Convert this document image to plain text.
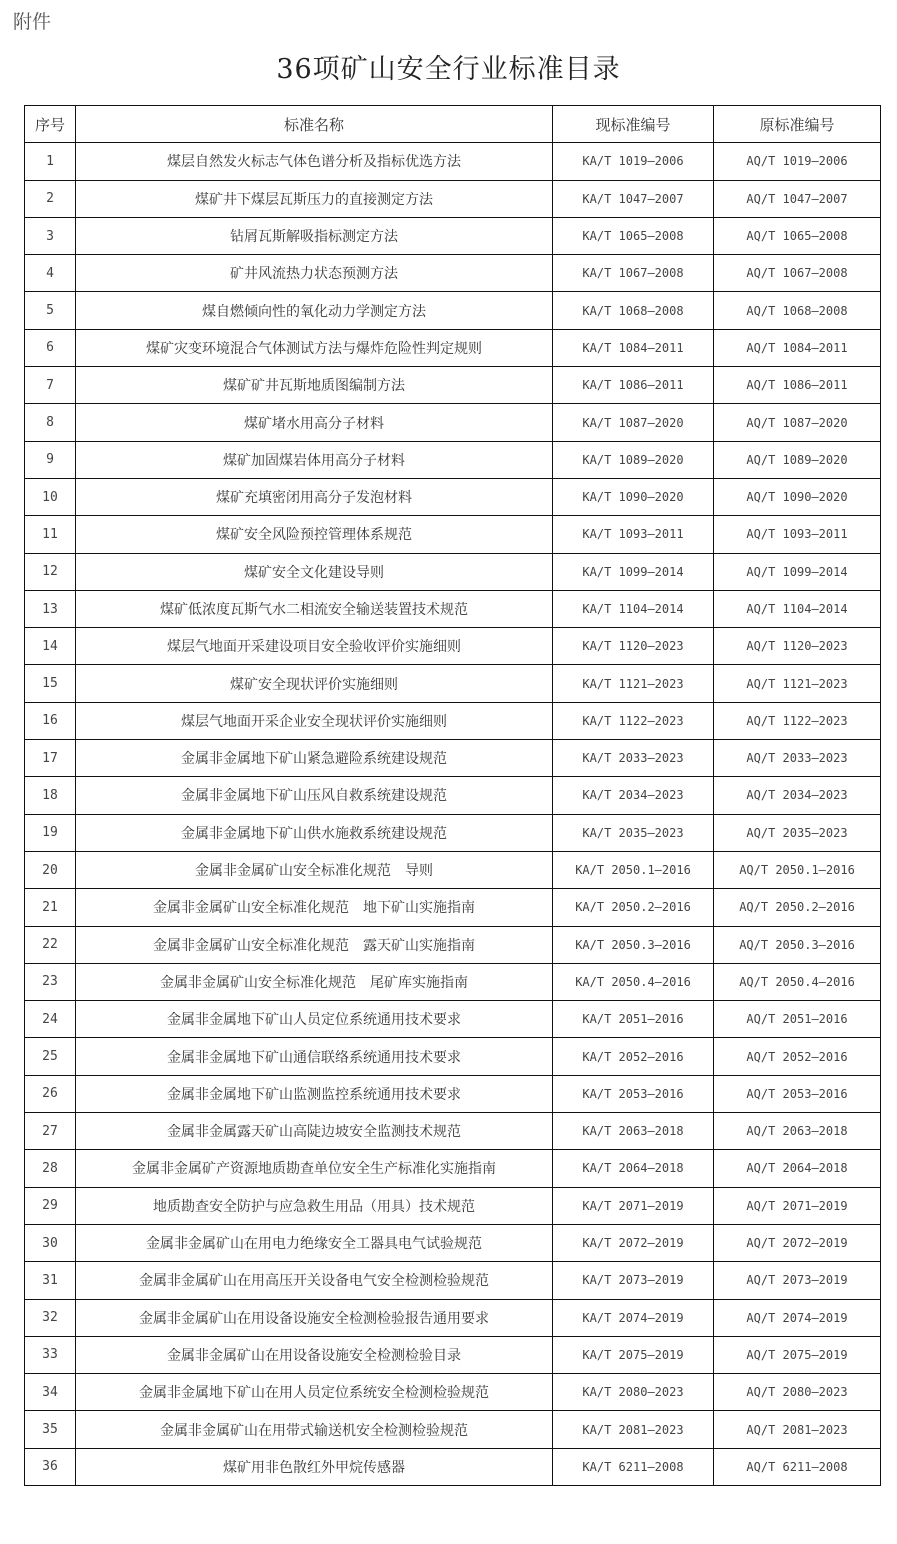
附件
36项矿山安全行业标准目录
序号	标准名称	现标准编号	原标准编号
1	煤层自然发火标志气体色谱分析及指标优选方法	KA/T 1019—2006	AQ/T 1019—2006
2	煤矿井下煤层瓦斯压力的直接测定方法	KA/T 1047—2007	AQ/T 1047—2007
3	钻屑瓦斯解吸指标测定方法	KA/T 1065—2008	AQ/T 1065—2008
4	矿井风流热力状态预测方法	KA/T 1067—2008	AQ/T 1067—2008
5	煤自燃倾向性的氧化动力学测定方法	KA/T 1068—2008	AQ/T 1068—2008
6	煤矿灾变环境混合气体测试方法与爆炸危险性判定规则	KA/T 1084—2011	AQ/T 1084—2011
7	煤矿矿井瓦斯地质图编制方法	KA/T 1086—2011	AQ/T 1086—2011
8	煤矿堵水用高分子材料	KA/T 1087—2020	AQ/T 1087—2020
9	煤矿加固煤岩体用高分子材料	KA/T 1089—2020	AQ/T 1089—2020
10	煤矿充填密闭用高分子发泡材料	KA/T 1090—2020	AQ/T 1090—2020
11	煤矿安全风险预控管理体系规范	KA/T 1093—2011	AQ/T 1093—2011
12	煤矿安全文化建设导则	KA/T 1099—2014	AQ/T 1099—2014
13	煤矿低浓度瓦斯气水二相流安全输送装置技术规范	KA/T 1104—2014	AQ/T 1104—2014
14	煤层气地面开采建设项目安全验收评价实施细则	KA/T 1120—2023	AQ/T 1120—2023
15	煤矿安全现状评价实施细则	KA/T 1121—2023	AQ/T 1121—2023
16	煤层气地面开采企业安全现状评价实施细则	KA/T 1122—2023	AQ/T 1122—2023
17	金属非金属地下矿山紧急避险系统建设规范	KA/T 2033—2023	AQ/T 2033—2023
18	金属非金属地下矿山压风自救系统建设规范	KA/T 2034—2023	AQ/T 2034—2023
19	金属非金属地下矿山供水施救系统建设规范	KA/T 2035—2023	AQ/T 2035—2023
20	金属非金属矿山安全标准化规范　导则	KA/T 2050.1—2016	AQ/T 2050.1—2016
21	金属非金属矿山安全标准化规范　地下矿山实施指南	KA/T 2050.2—2016	AQ/T 2050.2—2016
22	金属非金属矿山安全标准化规范　露天矿山实施指南	KA/T 2050.3—2016	AQ/T 2050.3—2016
23	金属非金属矿山安全标准化规范　尾矿库实施指南	KA/T 2050.4—2016	AQ/T 2050.4—2016
24	金属非金属地下矿山人员定位系统通用技术要求	KA/T 2051—2016	AQ/T 2051—2016
25	金属非金属地下矿山通信联络系统通用技术要求	KA/T 2052—2016	AQ/T 2052—2016
26	金属非金属地下矿山监测监控系统通用技术要求	KA/T 2053—2016	AQ/T 2053—2016
27	金属非金属露天矿山高陡边坡安全监测技术规范	KA/T 2063—2018	AQ/T 2063—2018
28	金属非金属矿产资源地质勘查单位安全生产标准化实施指南	KA/T 2064—2018	AQ/T 2064—2018
29	地质勘查安全防护与应急救生用品（用具）技术规范	KA/T 2071—2019	AQ/T 2071—2019
30	金属非金属矿山在用电力绝缘安全工器具电气试验规范	KA/T 2072—2019	AQ/T 2072—2019
31	金属非金属矿山在用高压开关设备电气安全检测检验规范	KA/T 2073—2019	AQ/T 2073—2019
32	金属非金属矿山在用设备设施安全检测检验报告通用要求	KA/T 2074—2019	AQ/T 2074—2019
33	金属非金属矿山在用设备设施安全检测检验目录	KA/T 2075—2019	AQ/T 2075—2019
34	金属非金属地下矿山在用人员定位系统安全检测检验规范	KA/T 2080—2023	AQ/T 2080—2023
35	金属非金属矿山在用带式输送机安全检测检验规范	KA/T 2081—2023	AQ/T 2081—2023
36	煤矿用非色散红外甲烷传感器	KA/T 6211—2008	AQ/T 6211—2008
